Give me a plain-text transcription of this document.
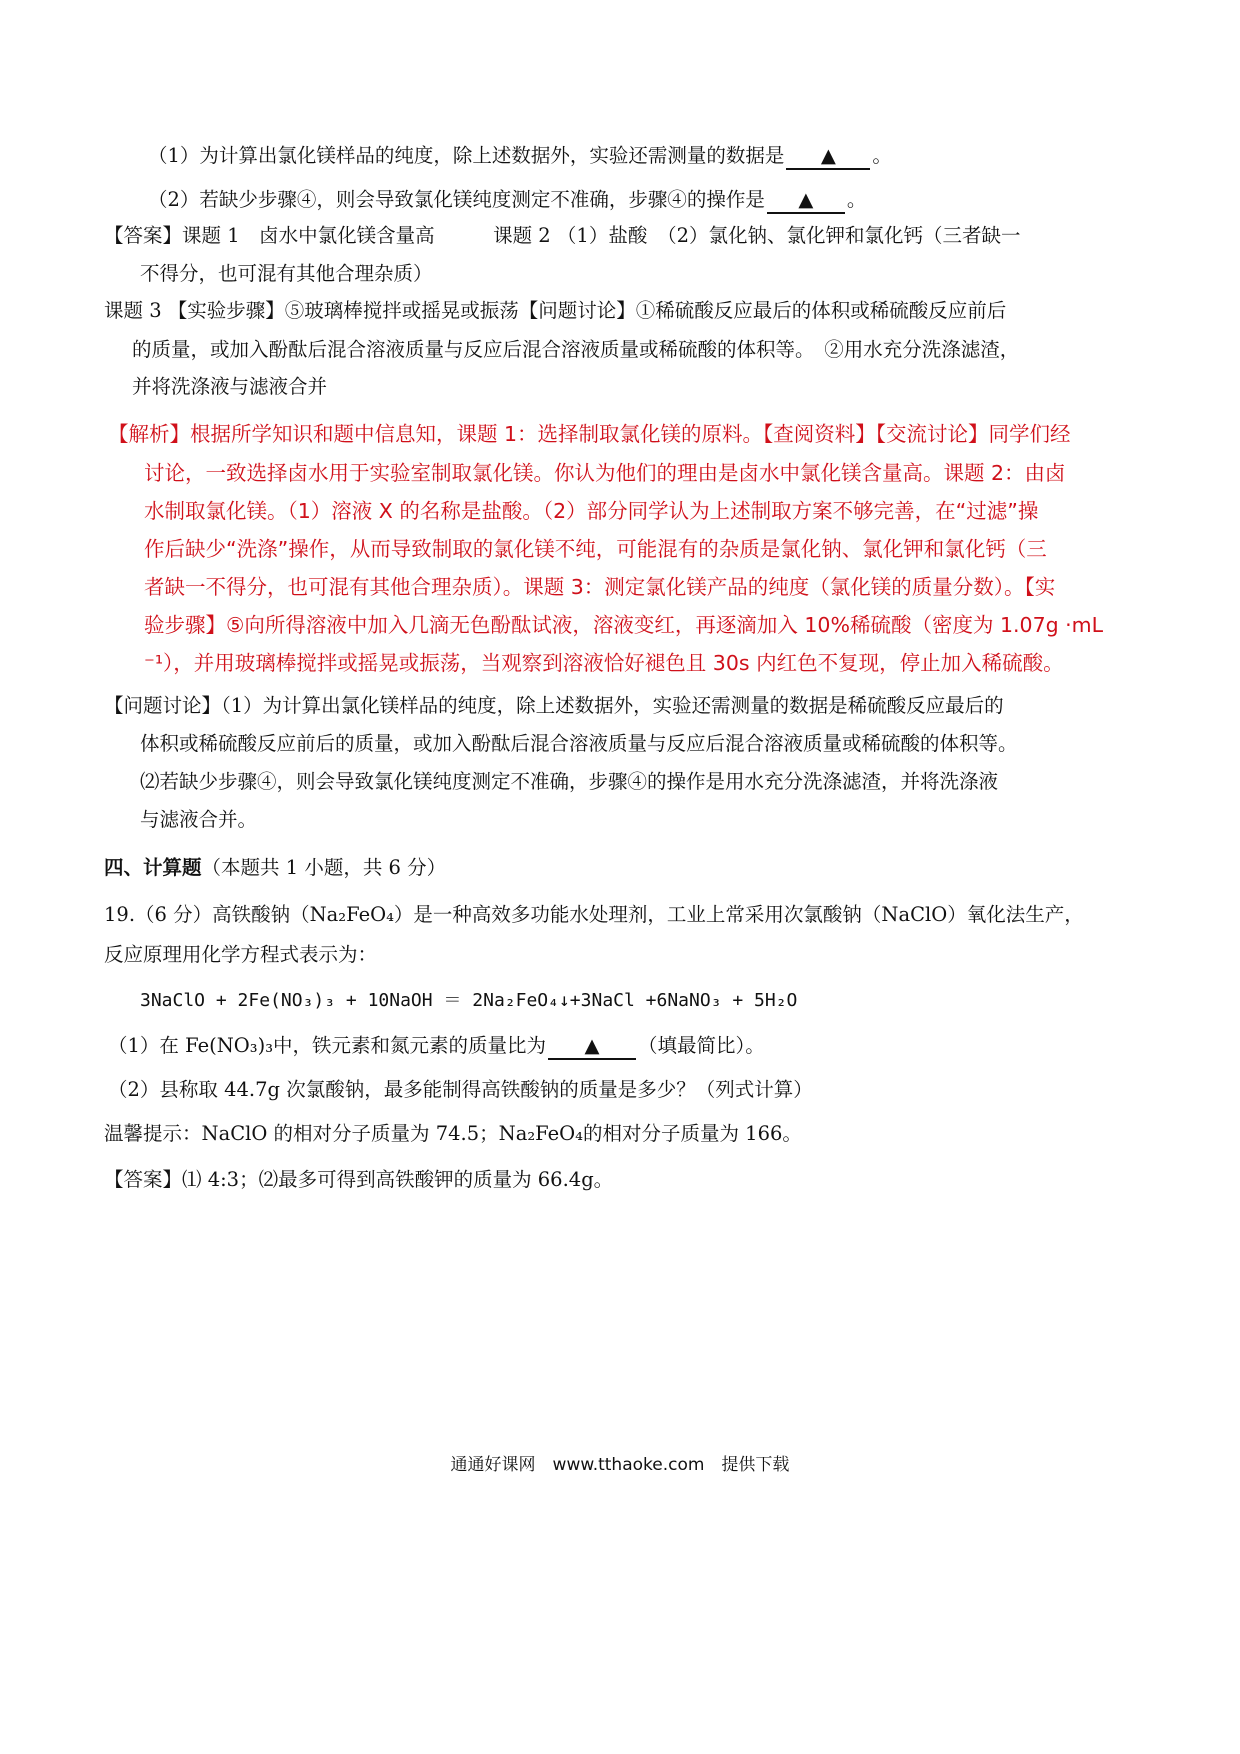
（1）为计算出氯化镁样品的纯度，除上述数据外，实验还需测量的数据是 ▲ 。
（2）若缺少步骤④，则会导致氯化镁纯度测定不准确，步骤④的操作是 ▲ 。
【答案】课题 1　卤水中氯化镁含量高　　　课题 2 （1）盐酸　（2）氯化钠、氯化钾和氯化钙（三者缺一
不得分，也可混有其他合理杂质）
课题 3 【实验步骤】⑤玻璃棒搅拌或摇晃或振荡【问题讨论】①稀硫酸反应最后的体积或稀硫酸反应前后
的质量，或加入酚酞后混合溶液质量与反应后混合溶液质量或稀硫酸的体积等。　②用水充分洗涤滤渣，
并将洗涤液与滤液合并
【解析】根据所学知识和题中信息知，课题 1：选择制取氯化镁的原料。【查阅资料】【交流讨论】同学们经
讨论，一致选择卤水用于实验室制取氯化镁。你认为他们的理由是卤水中氯化镁含量高。课题 2：由卤
水制取氯化镁。（1）溶液 X 的名称是盐酸。（2）部分同学认为上述制取方案不够完善，在“过滤”操
作后缺少“洗涤”操作，从而导致制取的氯化镁不纯，可能混有的杂质是氯化钠、氯化钾和氯化钙（三
者缺一不得分，也可混有其他合理杂质）。课题 3：测定氯化镁产品的纯度（氯化镁的质量分数）。【实
验步骤】⑤向所得溶液中加入几滴无色酚酞试液，溶液变红，再逐滴加入 10%稀硫酸（密度为 1.07g ·mL
⁻¹），并用玻璃棒搅拌或摇晃或振荡，当观察到溶液恰好褪色且 30s 内红色不复现，停止加入稀硫酸。
【问题讨论】（1）为计算出氯化镁样品的纯度，除上述数据外，实验还需测量的数据是稀硫酸反应最后的
体积或稀硫酸反应前后的质量，或加入酚酞后混合溶液质量与反应后混合溶液质量或稀硫酸的体积等。
⑵若缺少步骤④，则会导致氯化镁纯度测定不准确，步骤④的操作是用水充分洗涤滤渣，并将洗涤液
与滤液合并。
四、计算题（本题共 1 小题，共 6 分）
19.（6 分）高铁酸钠（Na₂FeO₄）是一种高效多功能水处理剂，工业上常采用次氯酸钠（NaClO）氧化法生产，
反应原理用化学方程式表示为：
3NaClO + 2Fe(NO₃)₃ + 10NaOH ＝ 2Na₂FeO₄↓+3NaCl +6NaNO₃ + 5H₂O
（1）在 Fe(NO₃)₃中，铁元素和氮元素的质量比为 ▲ （填最简比）。
（2）县称取 44.7g 次氯酸钠，最多能制得高铁酸钠的质量是多少？（列式计算）
温馨提示：NaClO 的相对分子质量为 74.5；Na₂FeO₄的相对分子质量为 166。
【答案】⑴ 4:3；⑵最多可得到高铁酸钾的质量为 66.4g。
通通好课网　www.tthaoke.com　提供下载
